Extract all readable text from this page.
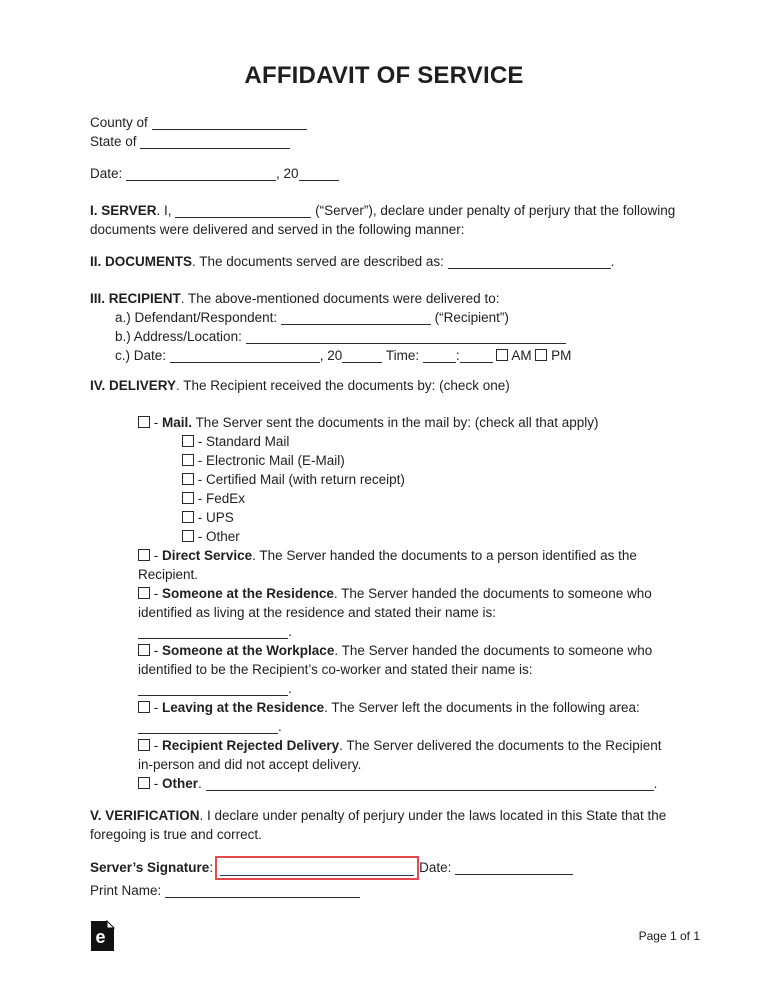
AFFIDAVIT OF SERVICE

County of

State of

Date:	, 20

I. SERVER. I,	(“Server”), declare under penalty of perjury that the following documents were delivered and served in the following manner:

II. DOCUMENTS. The documents served are described as:	.

III. RECIPIENT. The above-mentioned documents were delivered to:

a.) Defendant/Respondent:	(“Recipient”)

b.) Address/Location:

c.) Date:	, 20	Time:	:	AM PM

IV. DELIVERY. The Recipient received the documents by: (check one)

- Mail. The Server sent the documents in the mail by: (check all that apply)

- Standard Mail

- Electronic Mail (E-Mail)

- Certified Mail (with return receipt)

- FedEx

- UPS

- Other

- Direct Service. The Server handed the documents to a person identified as the Recipient.

- Someone at the Residence. The Server handed the documents to someone who identified as living at the residence and stated their name is:
.

- Someone at the Workplace. The Server handed the documents to someone who identified to be the Recipient’s co-worker and stated their name is:
.

- Leaving at the Residence. The Server left the documents in the following area: .

- Recipient Rejected Delivery. The Server delivered the documents to the Recipient in-person and did not accept delivery.

- Other.	.

V. VERIFICATION. I declare under penalty of perjury under the laws located in this State that the foregoing is true and correct.

Server’s Signature:	Date:

Print Name:

e	Page 1 of 1
